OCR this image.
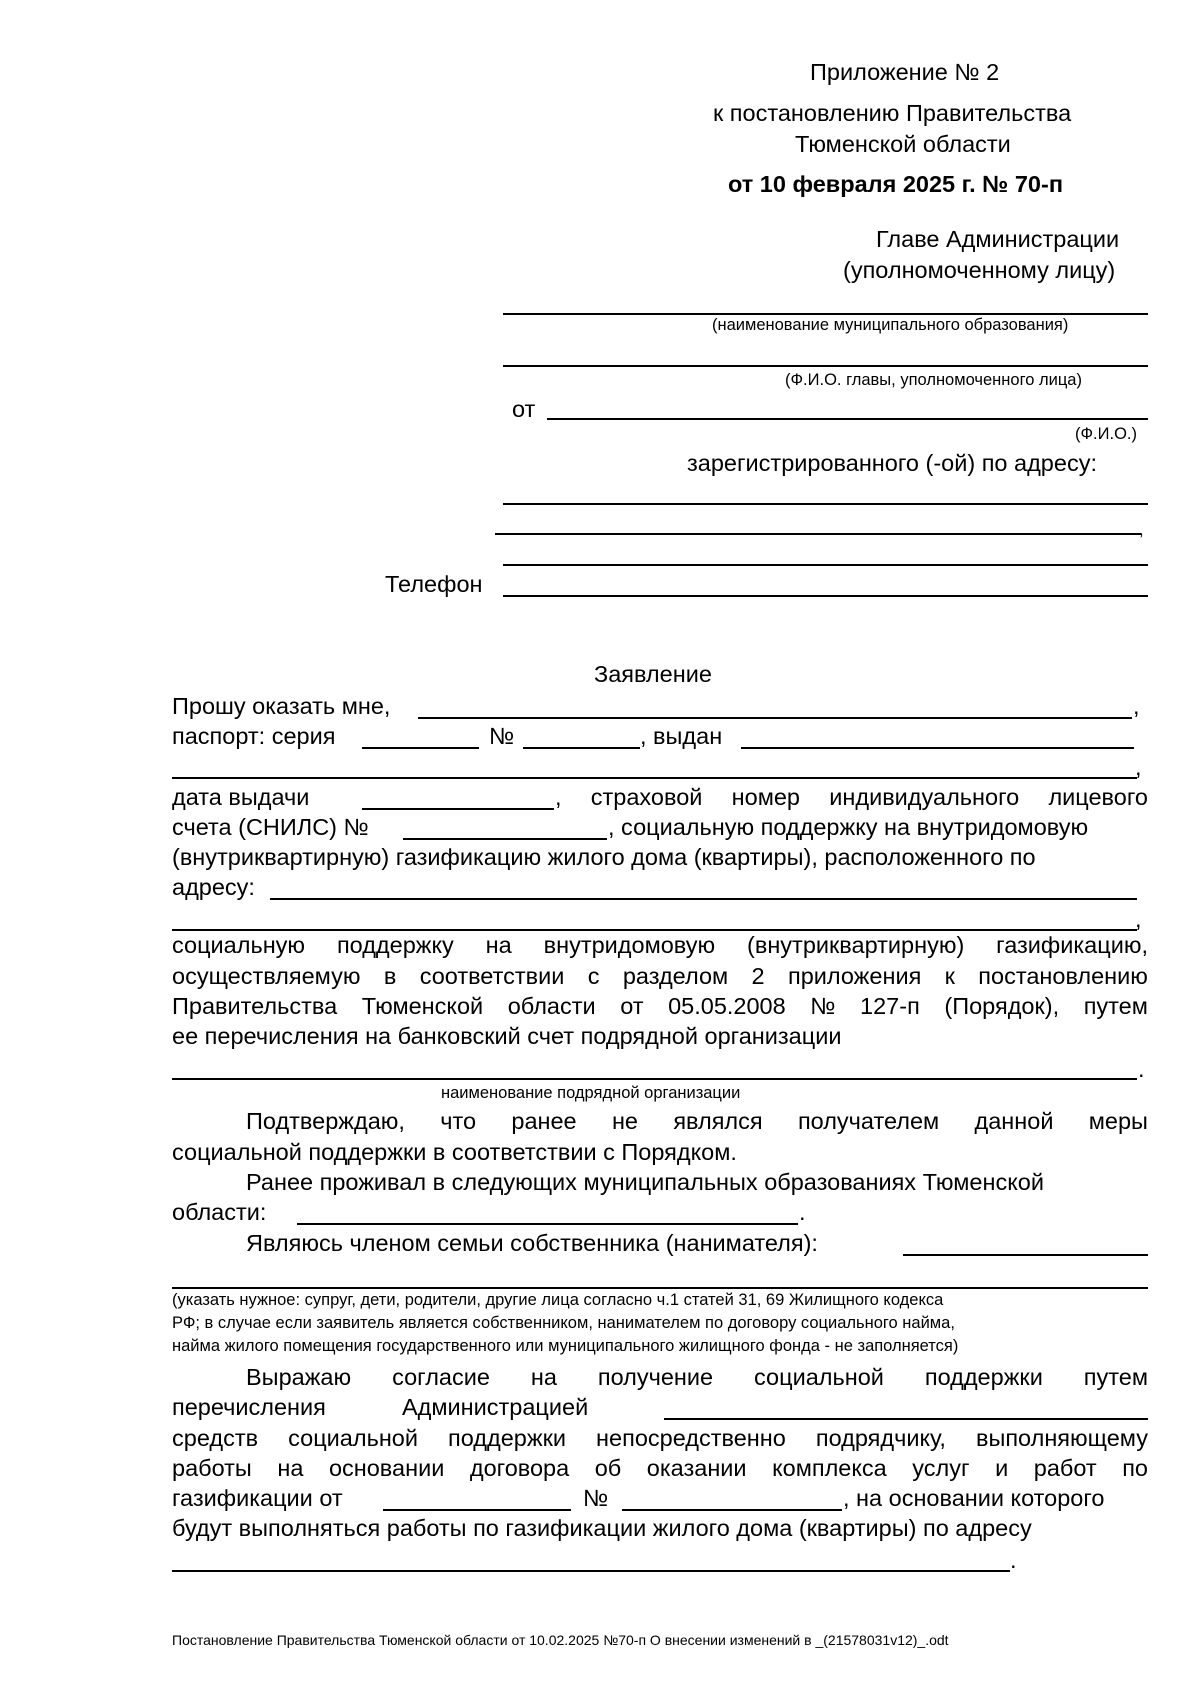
Приложение № 2
к постановлению Правительства
Тюменской области
от 10 февраля 2025 г. № 70-п
Главе Администрации
(уполномоченному лицу)
(наименование муниципального образования)
(Ф.И.О. главы, уполномоченного лица)
от
(Ф.И.О.)
зарегистрированного (-ой) по адресу:
,
Телефон
Заявление
Прошу оказать мне,	,
паспорт: серия	№	, выдан
,
дата выдачи	, страховой номер индивидуального лицевого
счета (СНИЛС) №	, социальную поддержку на внутридомовую
(внутриквартирную) газификацию жилого дома (квартиры), расположенного по
адресу:
,
социальную поддержку на внутридомовую (внутриквартирную) газификацию,
осуществляемую в соответствии с разделом 2 приложения к постановлению
Правительства Тюменской области от 05.05.2008 № 127-п (Порядок), путем
ее перечисления на банковский счет подрядной организации
.
наименование подрядной организации
Подтверждаю, что ранее не являлся получателем данной меры
социальной поддержки в соответствии с Порядком.
Ранее проживал в следующих муниципальных образованиях Тюменской
области:	.
Являюсь членом семьи собственника (нанимателя):
(указать нужное: супруг, дети, родители, другие лица согласно ч.1 статей 31, 69 Жилищного кодекса
РФ; в случае если заявитель является собственником, нанимателем по договору социального найма,
найма жилого помещения государственного или муниципального жилищного фонда - не заполняется)
Выражаю согласие на получение социальной поддержки путем
перечисления	Администрацией
средств социальной поддержки непосредственно подрядчику, выполняющему
работы на основании договора об оказании комплекса услуг и работ по
газификации от	№	, на основании которого
будут выполняться работы по газификации жилого дома (квартиры) по адресу
.
Постановление Правительства Тюменской области от 10.02.2025 №70-п О внесении изменений в _(21578031v12)_.odt
